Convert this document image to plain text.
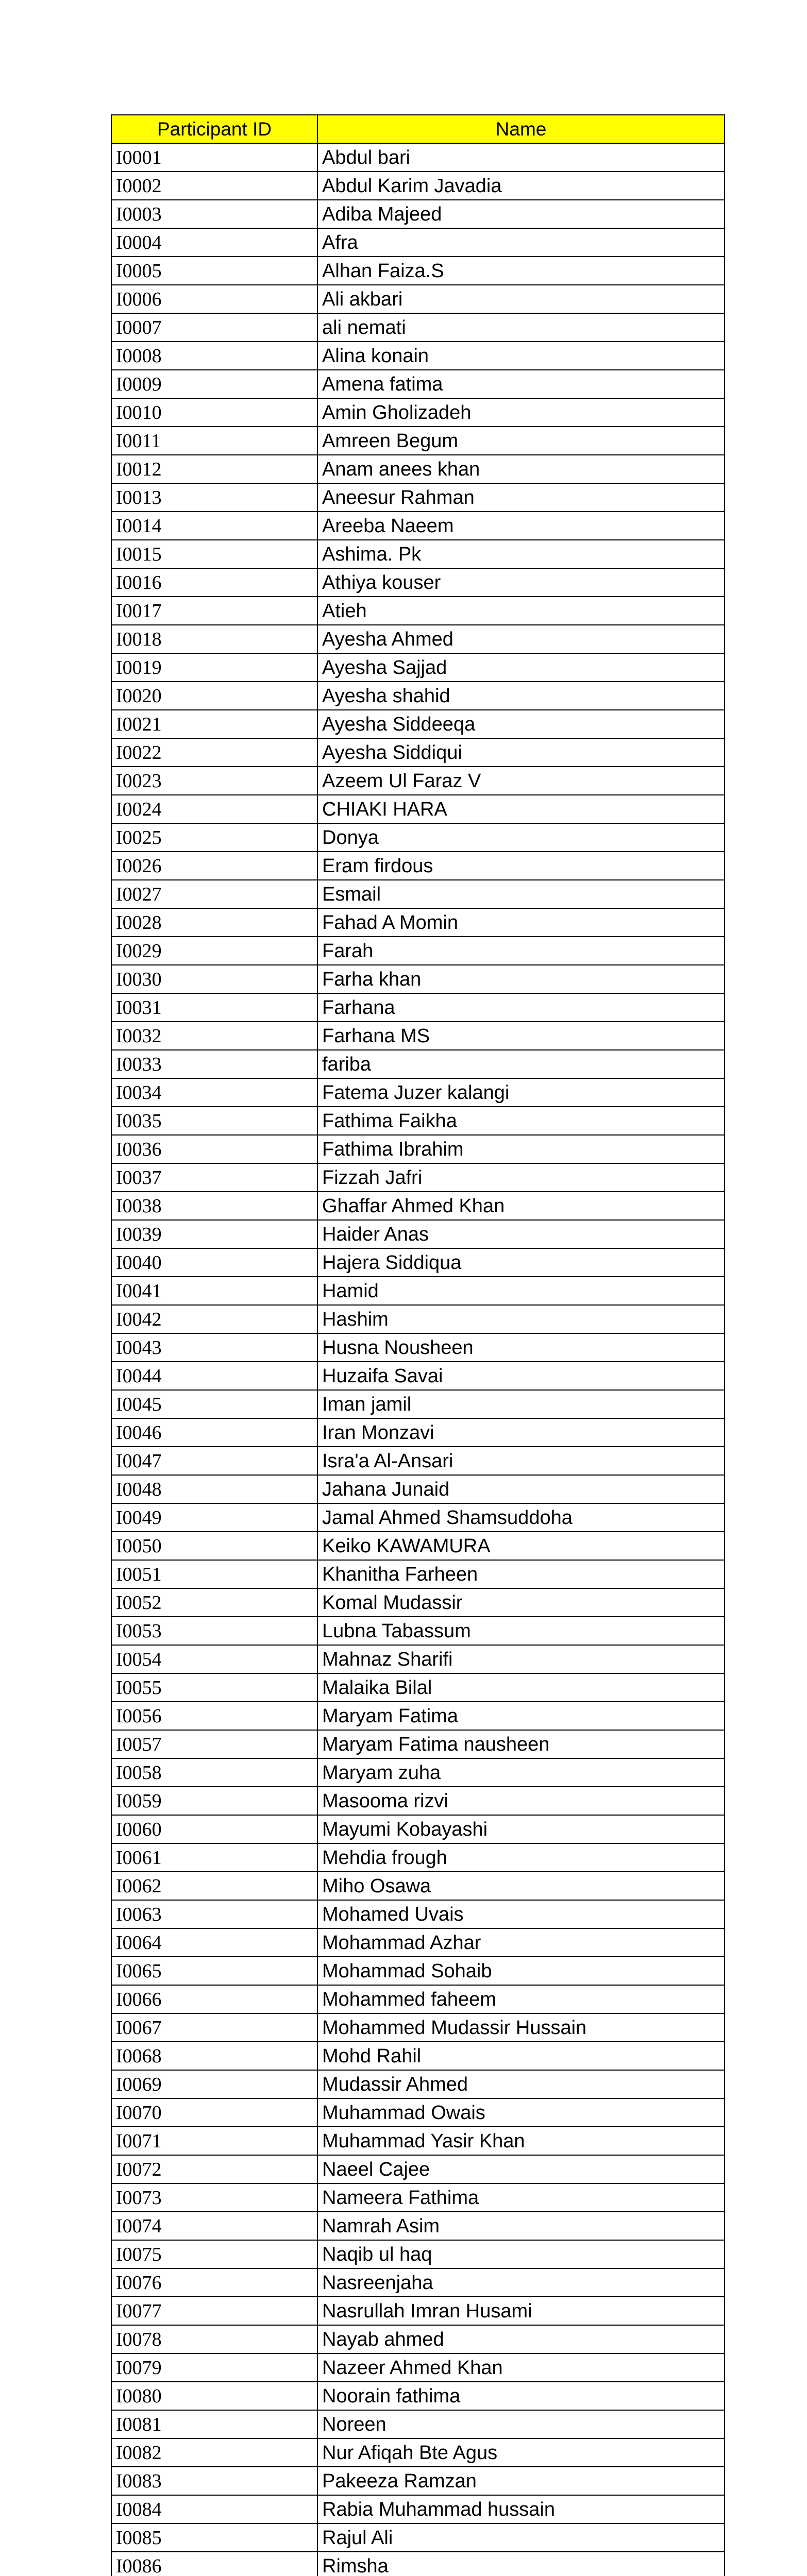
Participant ID	Name
I0001	Abdul bari
I0002	Abdul Karim Javadia
I0003	Adiba Majeed
I0004	Afra
I0005	Alhan Faiza.S
I0006	Ali akbari
I0007	ali nemati
I0008	Alina konain
I0009	Amena fatima
I0010	Amin Gholizadeh
I0011	Amreen Begum
I0012	Anam anees khan
I0013	Aneesur Rahman
I0014	Areeba Naeem
I0015	Ashima. Pk
I0016	Athiya kouser
I0017	Atieh
I0018	Ayesha Ahmed
I0019	Ayesha Sajjad
I0020	Ayesha shahid
I0021	Ayesha Siddeeqa
I0022	Ayesha Siddiqui
I0023	Azeem Ul Faraz V
I0024	CHIAKI HARA
I0025	Donya
I0026	Eram firdous
I0027	Esmail
I0028	Fahad A Momin
I0029	Farah
I0030	Farha khan
I0031	Farhana
I0032	Farhana MS
I0033	fariba
I0034	Fatema Juzer kalangi
I0035	Fathima Faikha
I0036	Fathima Ibrahim
I0037	Fizzah Jafri
I0038	Ghaffar Ahmed Khan
I0039	Haider Anas
I0040	Hajera Siddiqua
I0041	Hamid
I0042	Hashim
I0043	Husna Nousheen
I0044	Huzaifa Savai
I0045	Iman jamil
I0046	Iran Monzavi
I0047	Isra'a Al-Ansari
I0048	Jahana Junaid
I0049	Jamal Ahmed Shamsuddoha
I0050	Keiko KAWAMURA
I0051	Khanitha Farheen
I0052	Komal Mudassir
I0053	Lubna Tabassum
I0054	Mahnaz Sharifi
I0055	Malaika Bilal
I0056	Maryam Fatima
I0057	Maryam Fatima nausheen
I0058	Maryam zuha
I0059	Masooma rizvi
I0060	Mayumi Kobayashi
I0061	Mehdia frough
I0062	Miho Osawa
I0063	Mohamed Uvais
I0064	Mohammad Azhar
I0065	Mohammad Sohaib
I0066	Mohammed faheem
I0067	Mohammed Mudassir Hussain
I0068	Mohd Rahil
I0069	Mudassir Ahmed
I0070	Muhammad Owais
I0071	Muhammad Yasir Khan
I0072	Naeel Cajee
I0073	Nameera Fathima
I0074	Namrah Asim
I0075	Naqib ul haq
I0076	Nasreenjaha
I0077	Nasrullah Imran Husami
I0078	Nayab ahmed
I0079	Nazeer Ahmed Khan
I0080	Noorain fathima
I0081	Noreen
I0082	Nur Afiqah Bte Agus
I0083	Pakeeza Ramzan
I0084	Rabia Muhammad hussain
I0085	Rajul Ali
I0086	Rimsha
